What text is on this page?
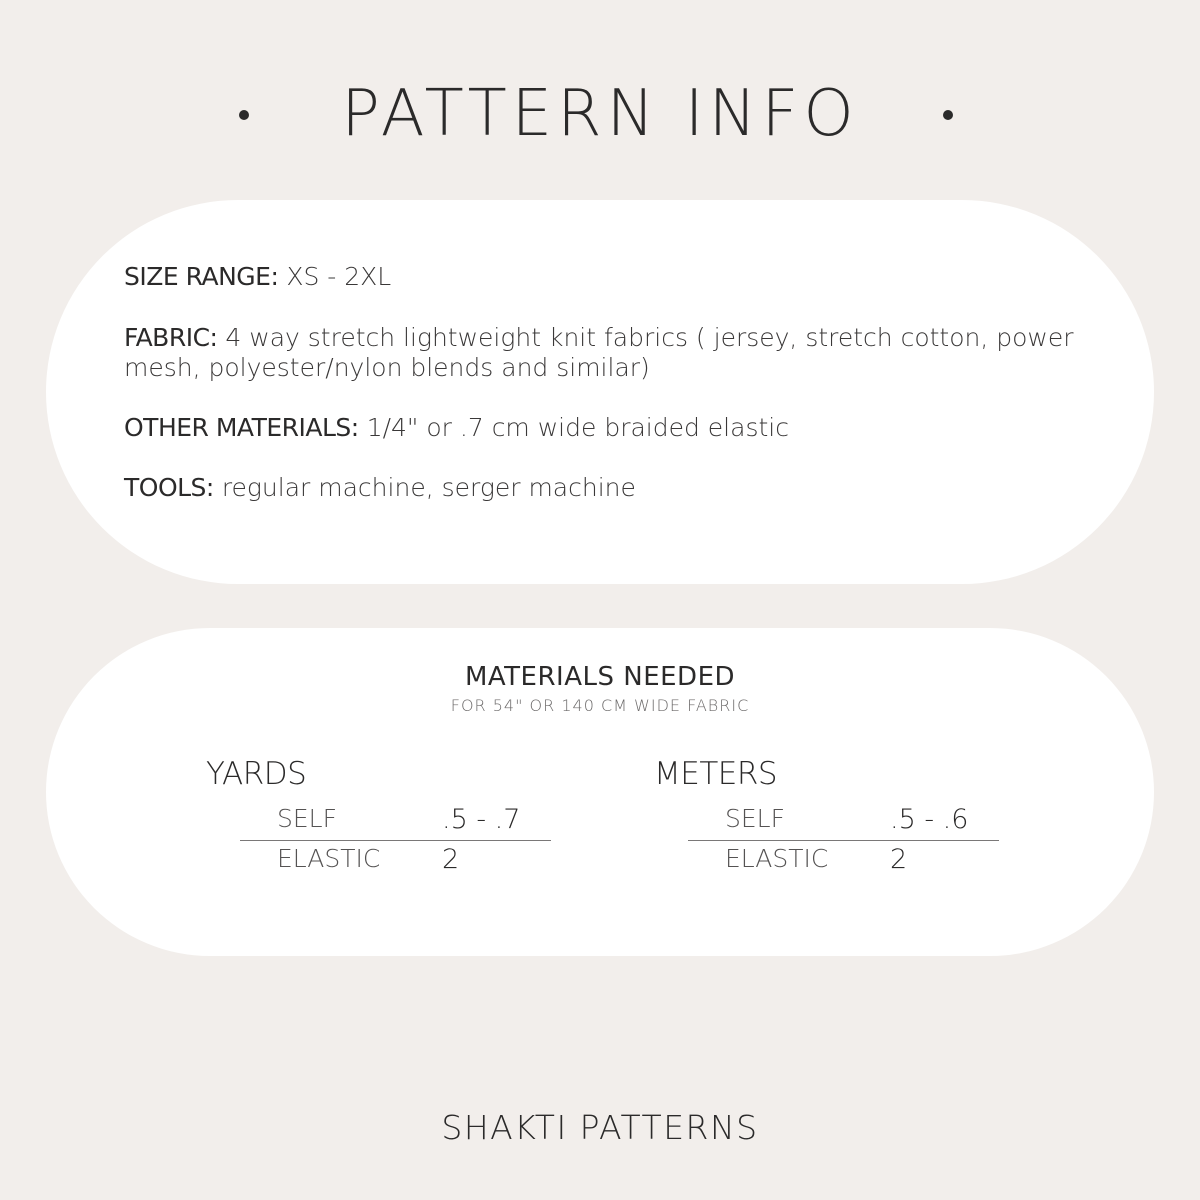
PATTERN INFO
SIZE RANGE: XS - 2XL
FABRIC: 4 way stretch lightweight knit fabrics ( jersey, stretch cotton, power mesh, polyester/nylon blends and similar)
OTHER MATERIALS: 1/4" or .7 cm wide braided elastic
TOOLS: regular machine, serger machine
MATERIALS NEEDED
FOR 54" OR 140 CM WIDE FABRIC
YARDS
SELF	.5 - .7
ELASTIC 2
METERS
SELF	.5 - .6
ELASTIC 2
SHAKTI PATTERNS
